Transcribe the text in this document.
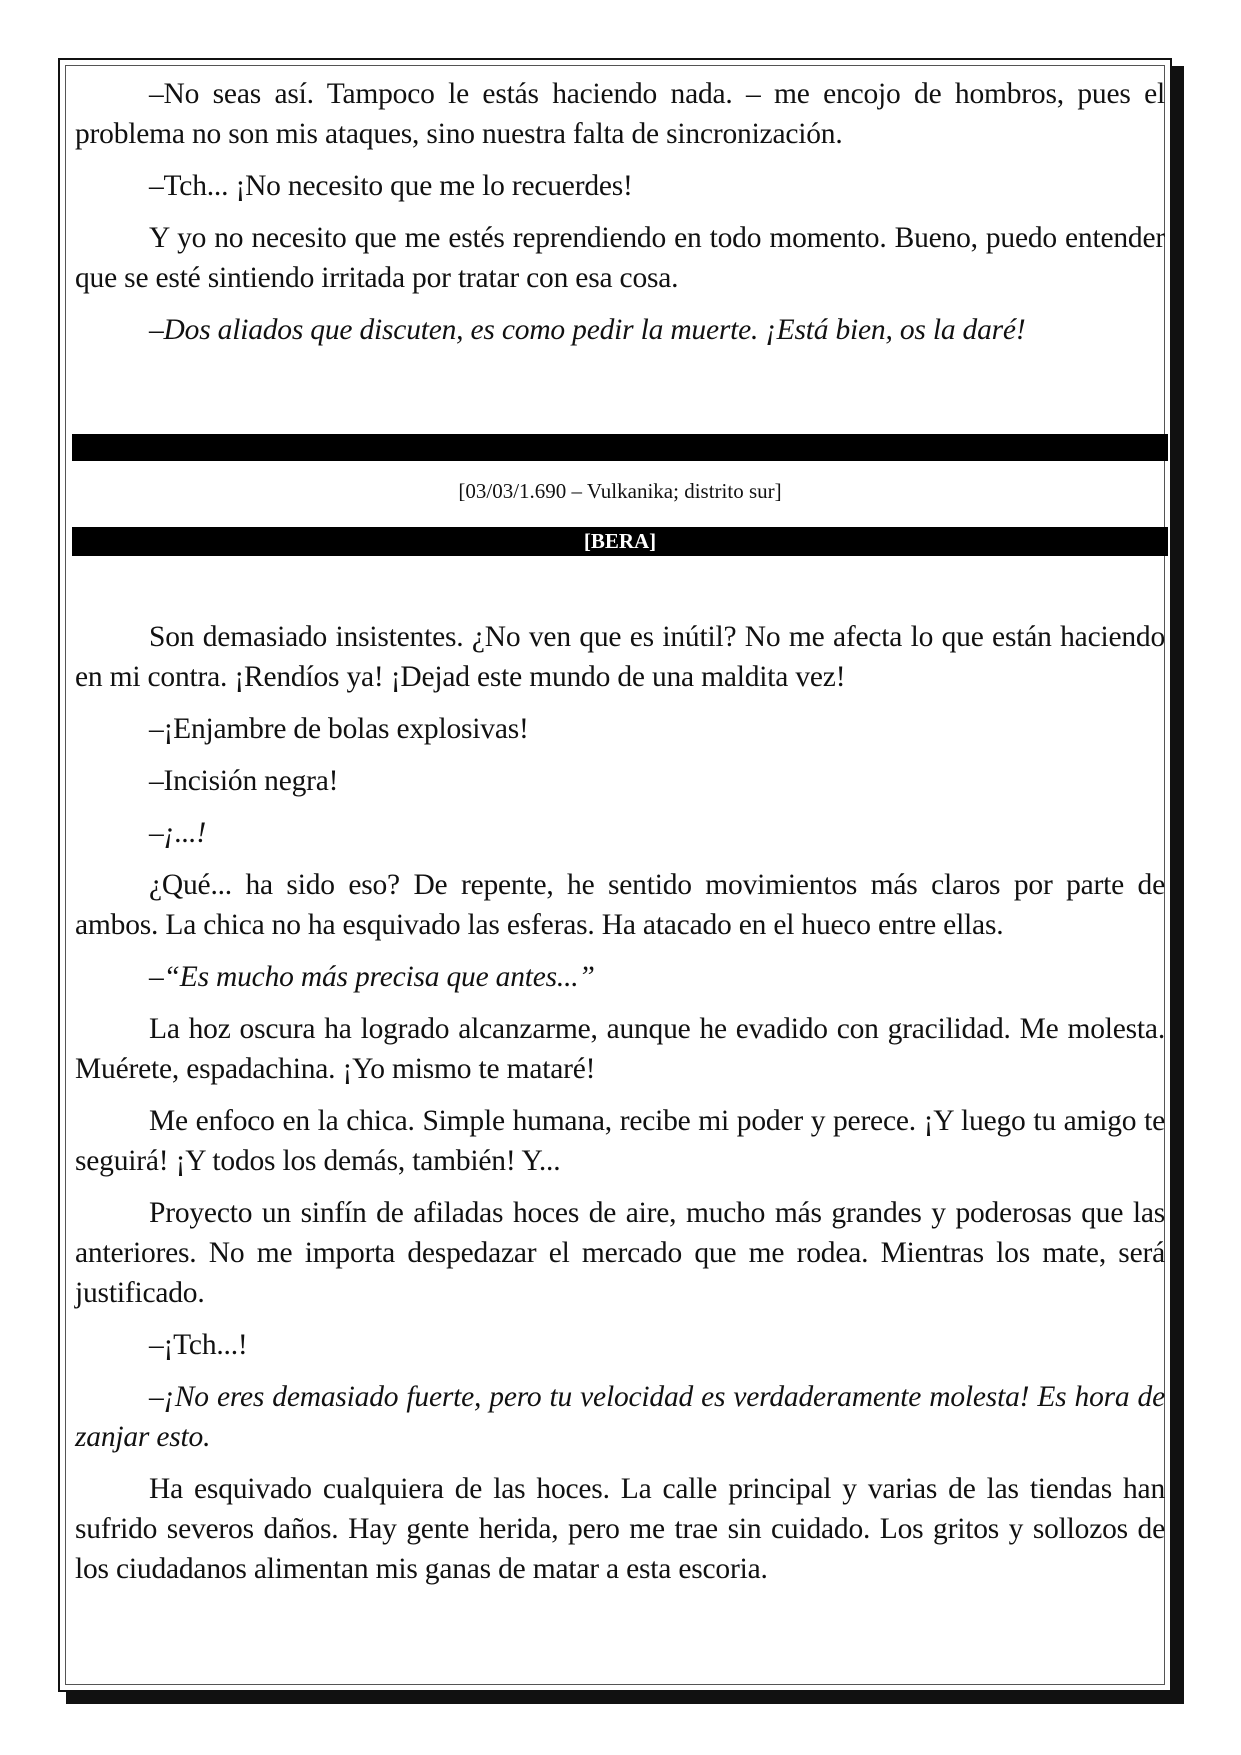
–No seas así. Tampoco le estás haciendo nada. – me encojo de hombros, pues el problema no son mis ataques, sino nuestra falta de sincronización.

–Tch... ¡No necesito que me lo recuerdes!

Y yo no necesito que me estés reprendiendo en todo momento. Bueno, puedo entender que se esté sintiendo irritada por tratar con esa cosa.

–Dos aliados que discuten, es como pedir la muerte. ¡Está bien, os la daré!

[03/03/1.690 – Vulkanika; distrito sur]
[BERA]

Son demasiado insistentes. ¿No ven que es inútil? No me afecta lo que están haciendo en mi contra. ¡Rendíos ya! ¡Dejad este mundo de una maldita vez!

–¡Enjambre de bolas explosivas!

–Incisión negra!

–¡...!

¿Qué... ha sido eso? De repente, he sentido movimientos más claros por parte de ambos. La chica no ha esquivado las esferas. Ha atacado en el hueco entre ellas.

–“Es mucho más precisa que antes...”

La hoz oscura ha logrado alcanzarme, aunque he evadido con gracilidad. Me molesta. Muérete, espadachina. ¡Yo mismo te mataré!

Me enfoco en la chica. Simple humana, recibe mi poder y perece. ¡Y luego tu amigo te seguirá! ¡Y todos los demás, también! Y...

Proyecto un sinfín de afiladas hoces de aire, mucho más grandes y poderosas que las anteriores. No me importa despedazar el mercado que me rodea. Mientras los mate, será justificado.

–¡Tch...!

–¡No eres demasiado fuerte, pero tu velocidad es verdaderamente molesta! Es hora de zanjar esto.

Ha esquivado cualquiera de las hoces. La calle principal y varias de las tiendas han sufrido severos daños. Hay gente herida, pero me trae sin cuidado. Los gritos y sollozos de los ciudadanos alimentan mis ganas de matar a esta escoria.
